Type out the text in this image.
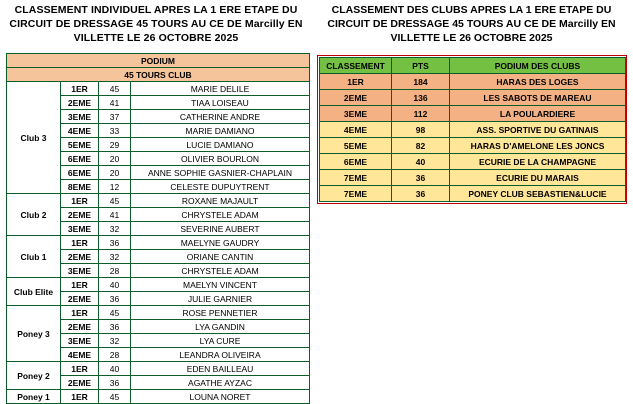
CLASSEMENT INDIVIDUEL APRES LA 1 ERE ETAPE DU CIRCUIT DE DRESSAGE 45 TOURS AU CE DE Marcilly EN VILLETTE LE 26 OCTOBRE 2025
PODIUM			
45 TOURS CLUB			
Club 3	1ER	45	MARIE DELILE
	2EME	41	TIAA LOISEAU
	3EME	37	CATHERINE ANDRE
	4EME	33	MARIE DAMIANO
	5EME	29	LUCIE DAMIANO
	6EME	20	OLIVIER BOURLON
	6EME	20	ANNE SOPHIE GASNIER-CHAPLAIN
	8EME	12	CELESTE DUPUYTRENT
Club 2	1ER	45	ROXANE MAJAULT
	2EME	41	CHRYSTELE ADAM
	3EME	32	SEVERINE AUBERT
Club 1	1ER	36	MAELYNE GAUDRY
	2EME	32	ORIANE CANTIN
	3EME	28	CHRYSTELE ADAM
Club Elite	1ER	40	MAELYN VINCENT
	2EME	36	JULIE GARNIER
Poney 3	1ER	45	ROSE PENNETIER
	2EME	36	LYA GANDIN
	3EME	32	LYA CURE
	4EME	28	LEANDRA OLIVEIRA
Poney 2	1ER	40	EDEN BAILLEAU
	2EME	36	AGATHE AYZAC
Poney 1	1ER	45	LOUNA NORET
CLASSEMENT DES CLUBS APRES LA 1 ERE ETAPE DU CIRCUIT DE DRESSAGE 45 TOURS AU CE DE Marcilly EN VILLETTE LE 26 OCTOBRE 2025
CLASSEMENT	PTS	PODIUM DES CLUBS
1ER	184	HARAS DES LOGES
2EME	136	LES SABOTS DE MAREAU
3EME	112	LA POULARDIERE
4EME	98	ASS. SPORTIVE DU GATINAIS
5EME	82	HARAS D'AMELONE LES JONCS
6EME	40	ECURIE DE LA CHAMPAGNE
7EME	36	ECURIE DU MARAIS
7EME	36	PONEY CLUB SEBASTIEN&LUCIE
